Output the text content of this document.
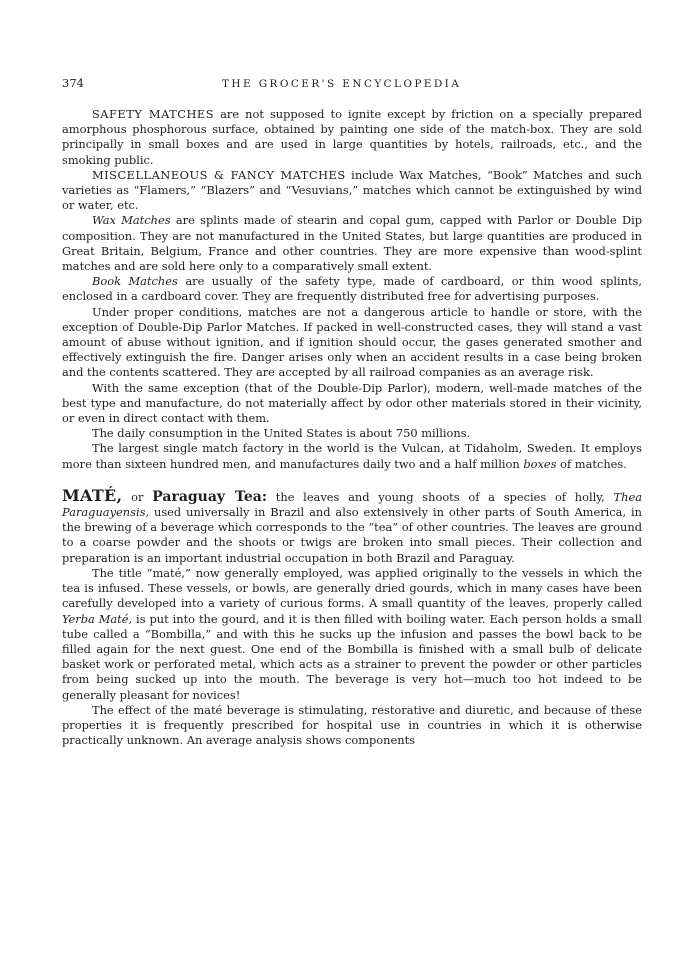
374	THE GROCER'S ENCYCLOPEDIA

SAFETY MATCHES are not supposed to ignite except by friction on a specially prepared amorphous phosphorous surface, obtained by painting one side of the match-box. They are sold principally in small boxes and are used in large quantities by hotels, railroads, etc., and the smoking public.

MISCELLANEOUS & FANCY MATCHES include Wax Matches, “Book” Matches and such varieties as “Flamers,” “Blazers” and “Vesuvians,” matches which cannot be extinguished by wind or water, etc.

Wax Matches are splints made of stearin and copal gum, capped with Parlor or Double Dip composition. They are not manufactured in the United States, but large quantities are produced in Great Britain, Belgium, France and other countries. They are more expensive than wood-splint matches and are sold here only to a comparatively small extent.

Book Matches are usually of the safety type, made of cardboard, or thin wood splints, enclosed in a cardboard cover. They are frequently distributed free for advertising purposes.

Under proper conditions, matches are not a dangerous article to handle or store, with the exception of Double-Dip Parlor Matches. If packed in well-constructed cases, they will stand a vast amount of abuse without ignition, and if ignition should occur, the gases generated smother and effectively extinguish the fire. Danger arises only when an accident results in a case being broken and the contents scattered. They are accepted by all railroad companies as an average risk.

With the same exception (that of the Double-Dip Parlor), modern, well-made matches of the best type and manufacture, do not materially affect by odor other materials stored in their vicinity, or even in direct contact with them.

The daily consumption in the United States is about 750 millions.

The largest single match factory in the world is the Vulcan, at Tidaholm, Sweden. It employs more than sixteen hundred men, and manufactures daily two and a half million boxes of matches.

MATÉ, or Paraguay Tea: the leaves and young shoots of a species of holly, Thea Paraguayensis, used universally in Brazil and also extensively in other parts of South America, in the brewing of a beverage which corresponds to the “tea” of other countries. The leaves are ground to a coarse powder and the shoots or twigs are broken into small pieces. Their collection and preparation is an important industrial occupation in both Brazil and Paraguay.

The title “maté,” now generally employed, was applied originally to the vessels in which the tea is infused. These vessels, or bowls, are generally dried gourds, which in many cases have been carefully developed into a variety of curious forms. A small quantity of the leaves, properly called Yerba Maté, is put into the gourd, and it is then filled with boiling water. Each person holds a small tube called a “Bombilla,” and with this he sucks up the infusion and passes the bowl back to be filled again for the next guest. One end of the Bombilla is finished with a small bulb of delicate basket work or perforated metal, which acts as a strainer to prevent the powder or other particles from being sucked up into the mouth. The beverage is very hot—much too hot indeed to be generally pleasant for novices!

The effect of the maté beverage is stimulating, restorative and diuretic, and because of these properties it is frequently prescribed for hospital use in countries in which it is otherwise practically unknown. An average analysis shows components
